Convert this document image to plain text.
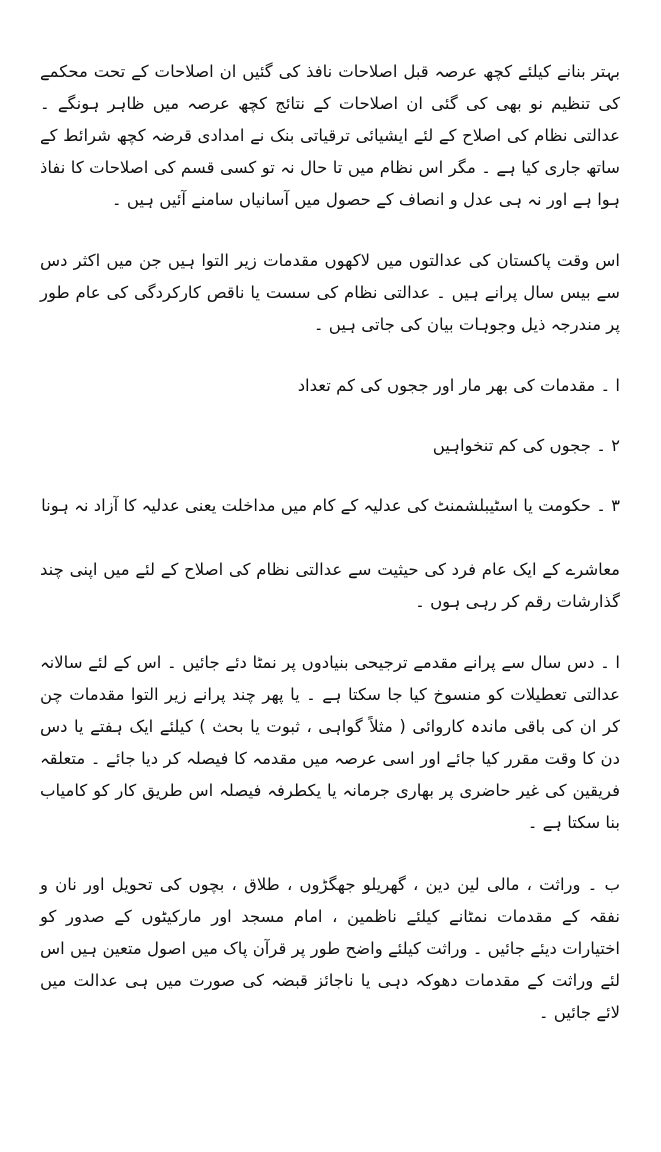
بہتر بنانے کیلئے کچھ عرصہ قبل اصلاحات نافذ کی گئیں ان اصلاحات کے تحت محکمے کی تنظیم نو بھی کی گئی ان اصلاحات کے نتائج کچھ عرصہ میں ظاہر ہونگے ۔ عدالتی نظام کی اصلاح کے لئے ایشیائی ترقیاتی بنک نے امدادی قرضہ کچھ شرائط کے ساتھ جاری کیا ہے ۔ مگر اس نظام میں تا حال نہ تو کسی قسم کی اصلاحات کا نفاذ ہوا ہے اور نہ ہی عدل و انصاف کے حصول میں آسانیاں سامنے آئیں ہیں ۔

اس وقت پاکستان کی عدالتوں میں لاکھوں مقدمات زیر التوا ہیں جن میں اکثر دس سے بیس سال پرانے ہیں ۔ عدالتی نظام کی سست یا ناقص کارکردگی کی عام طور پر مندرجہ ذیل وجوہات بیان کی جاتی ہیں ۔

ا ۔ مقدمات کی بھر مار اور ججوں کی کم تعداد

۲ ۔ ججوں کی کم تنخواہیں

۳ ۔ حکومت یا اسٹیبلشمنٹ کی عدلیہ کے کام میں مداخلت یعنی عدلیہ کا آزاد نہ ہونا

معاشرے کے ایک عام فرد کی حیثیت سے عدالتی نظام کی اصلاح کے لئے میں اپنی چند گذارشات رقم کر رہی ہوں ۔

ا ۔ دس سال سے پرانے مقدمے ترجیحی بنیادوں پر نمٹا دئے جائیں ۔ اس کے لئے سالانہ عدالتی تعطیلات کو منسوخ کیا جا سکتا ہے ۔ یا پھر چند پرانے زیر التوا مقدمات چن کر ان کی باقی ماندہ کاروائی ( مثلاً گواہی ، ثبوت یا بحث ) کیلئے ایک ہفتے یا دس دن کا وقت مقرر کیا جائے اور اسی عرصہ میں مقدمہ کا فیصلہ کر دیا جائے ۔ متعلقہ فریقین کی غیر حاضری پر بھاری جرمانہ یا یکطرفہ فیصلہ اس طریق کار کو کامیاب بنا سکتا ہے ۔

ب ۔ وراثت ، مالی لین دین ، گھریلو جھگڑوں ، طلاق ، بچوں کی تحویل اور نان و نفقہ کے مقدمات نمٹانے کیلئے ناظمین ، امام مسجد اور مارکیٹوں کے صدور کو اختیارات دیئے جائیں ۔ وراثت کیلئے واضح طور پر قرآن پاک میں اصول متعین ہیں اس لئے وراثت کے مقدمات دھوکہ دہی یا ناجائز قبضہ کی صورت میں ہی عدالت میں لائے جائیں ۔
